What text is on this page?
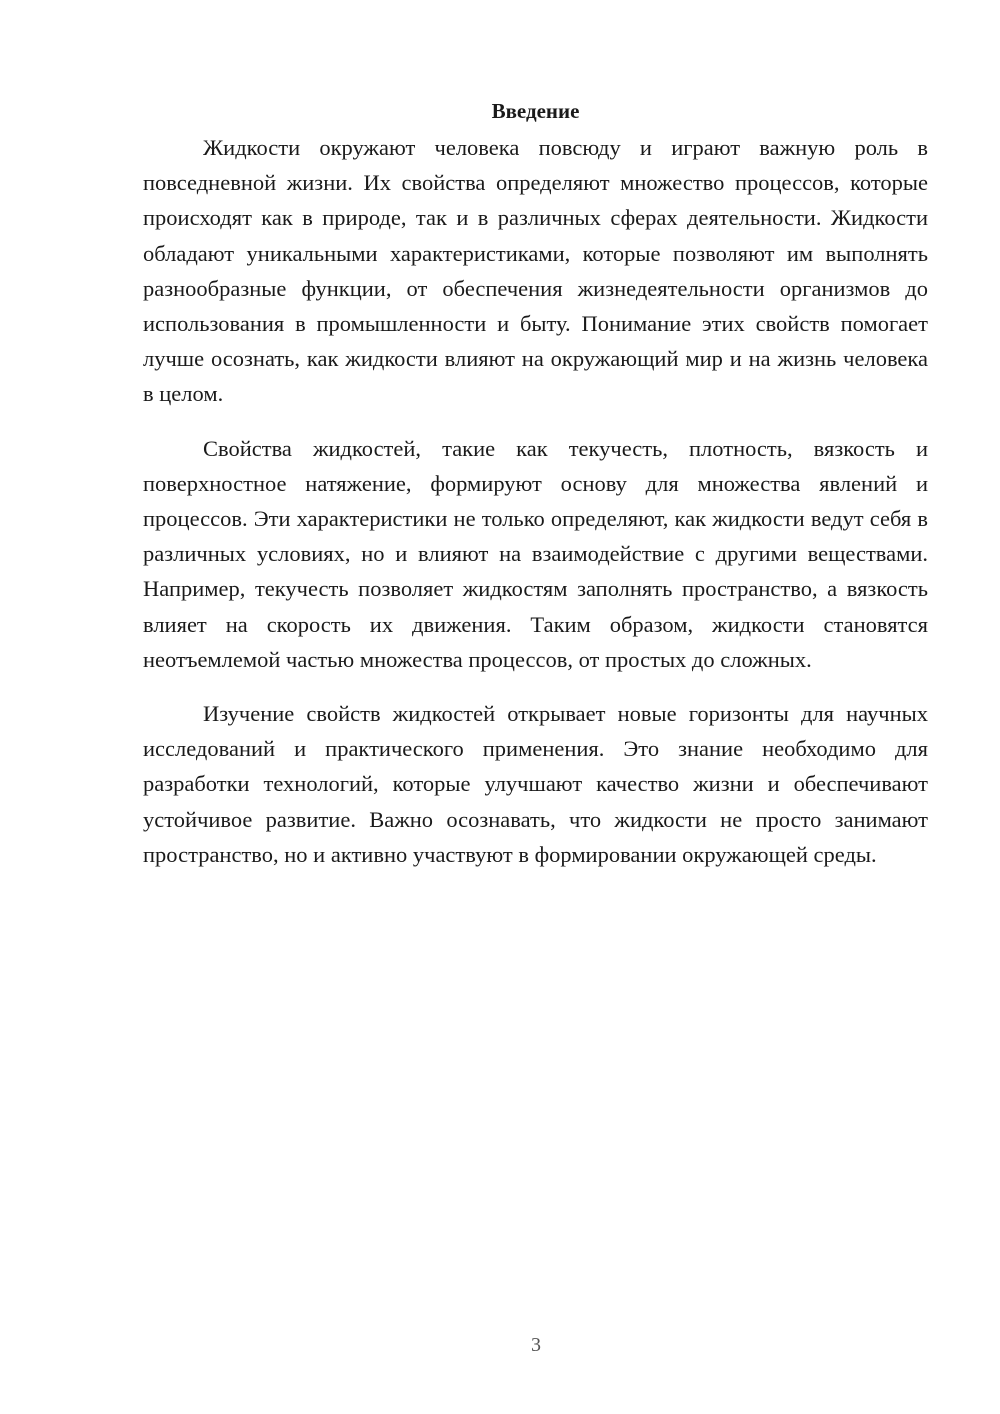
Введение

Жидкости окружают человека повсюду и играют важную роль в повседневной жизни. Их свойства определяют множество процессов, которые происходят как в природе, так и в различных сферах деятельности. Жидкости обладают уникальными характеристиками, которые позволяют им выполнять разнообразные функции, от обеспечения жизнедеятельности организмов до использования в промышленности и быту. Понимание этих свойств помогает лучше осознать, как жидкости влияют на окружающий мир и на жизнь человека в целом.

Свойства жидкостей, такие как текучесть, плотность, вязкость и поверхностное натяжение, формируют основу для множества явлений и процессов. Эти характеристики не только определяют, как жидкости ведут себя в различных условиях, но и влияют на взаимодействие с другими веществами. Например, текучесть позволяет жидкостям заполнять пространство, а вязкость влияет на скорость их движения. Таким образом, жидкости становятся неотъемлемой частью множества процессов, от простых до сложных.

Изучение свойств жидкостей открывает новые горизонты для научных исследований и практического применения. Это знание необходимо для разработки технологий, которые улучшают качество жизни и обеспечивают устойчивое развитие. Важно осознавать, что жидкости не просто занимают пространство, но и активно участвуют в формировании окружающей среды.

3
